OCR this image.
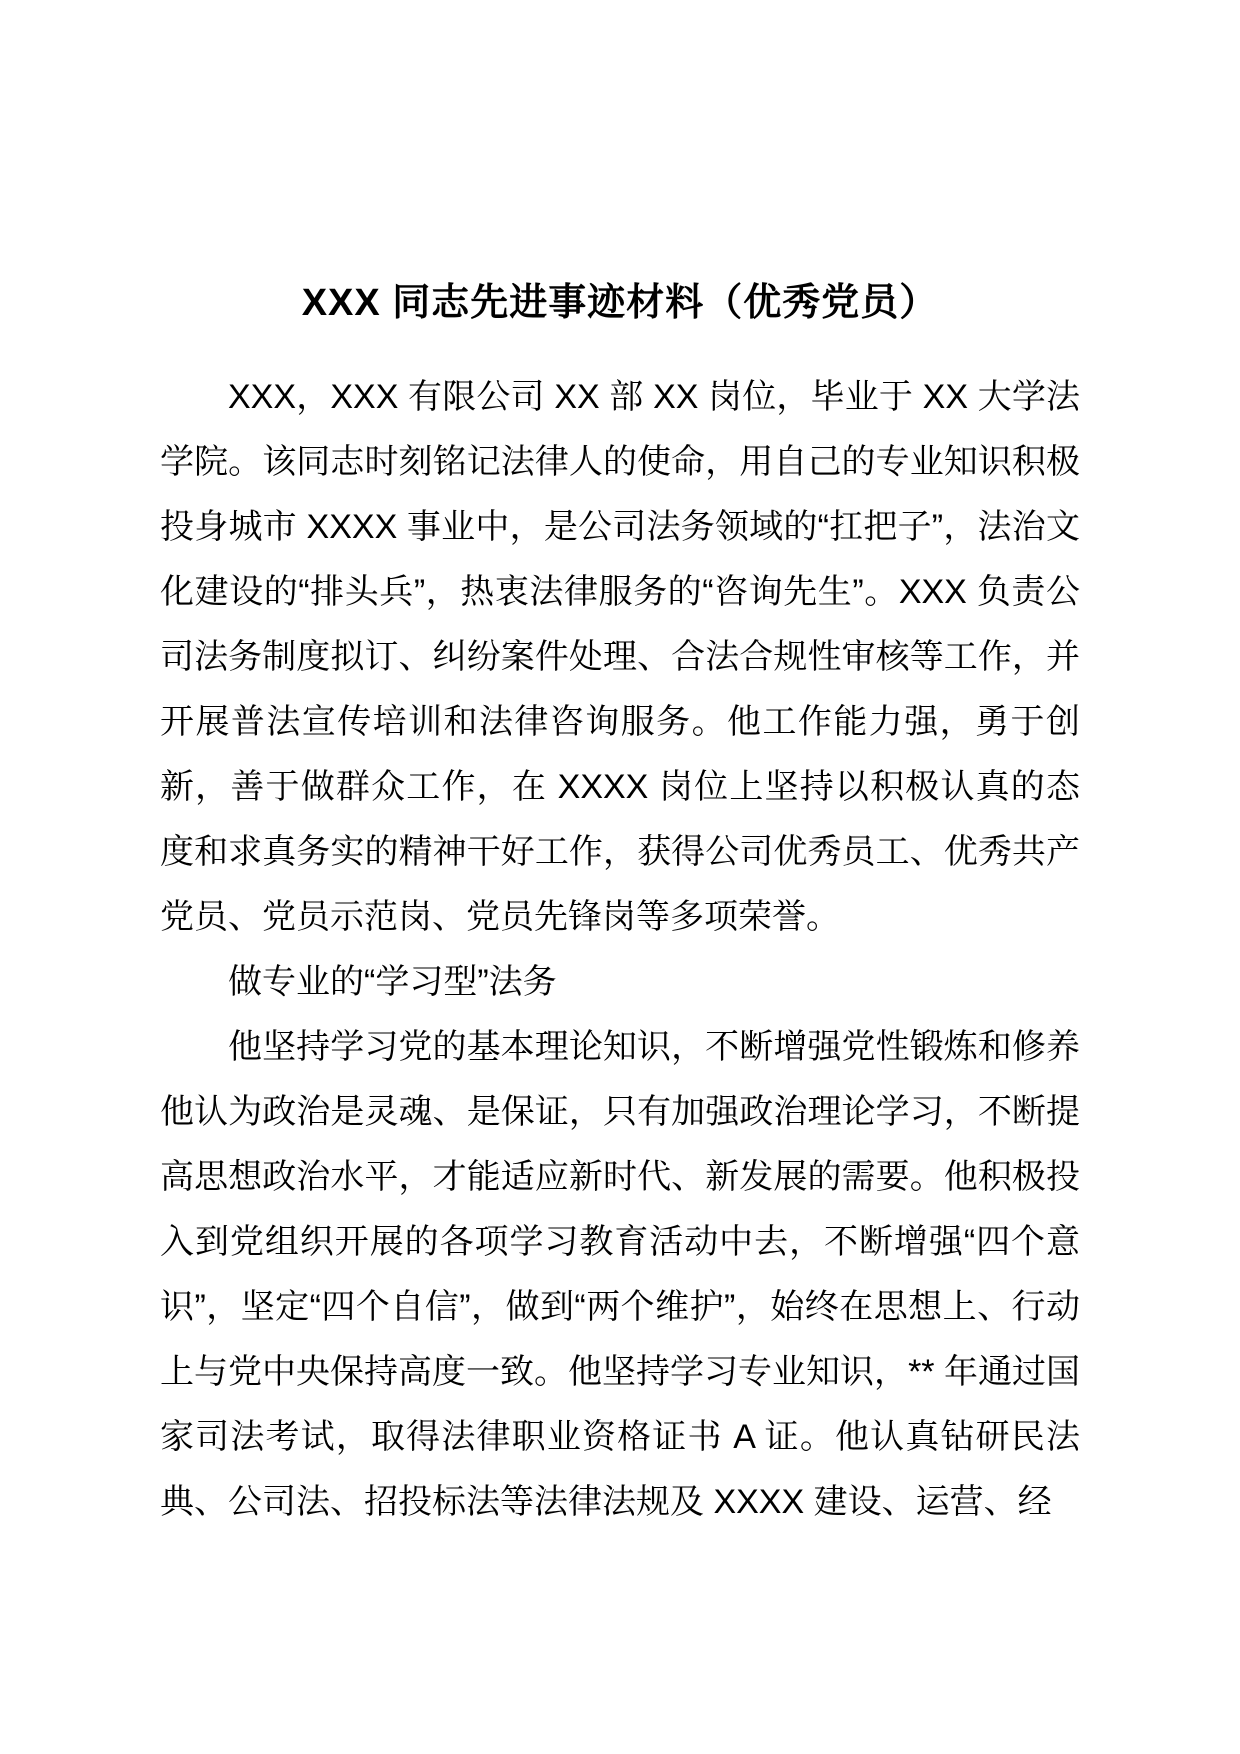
XXX 同志先进事迹材料（优秀党员）

XXX，XXX 有限公司 XX 部 XX 岗位，毕业于 XX 大学法学院。该同志时刻铭记法律人的使命，用自己的专业知识积极投身城市 XXXX 事业中，是公司法务领域的“扛把子”，法治文化建设的“排头兵”，热衷法律服务的“咨询先生”。XXX 负责公司法务制度拟订、纠纷案件处理、合法合规性审核等工作，并开展普法宣传培训和法律咨询服务。他工作能力强，勇于创新，善于做群众工作，在 XXXX 岗位上坚持以积极认真的态度和求真务实的精神干好工作，获得公司优秀员工、优秀共产党员、党员示范岗、党员先锋岗等多项荣誉。

做专业的“学习型”法务

他坚持学习党的基本理论知识，不断增强党性锻炼和修养他认为政治是灵魂、是保证，只有加强政治理论学习，不断提高思想政治水平，才能适应新时代、新发展的需要。他积极投入到党组织开展的各项学习教育活动中去，不断增强“四个意识”，坚定“四个自信”，做到“两个维护”，始终在思想上、行动上与党中央保持高度一致。他坚持学习专业知识，** 年通过国家司法考试，取得法律职业资格证书 A 证。他认真钻研民法典、公司法、招投标法等法律法规及 XXXX 建设、运营、经
